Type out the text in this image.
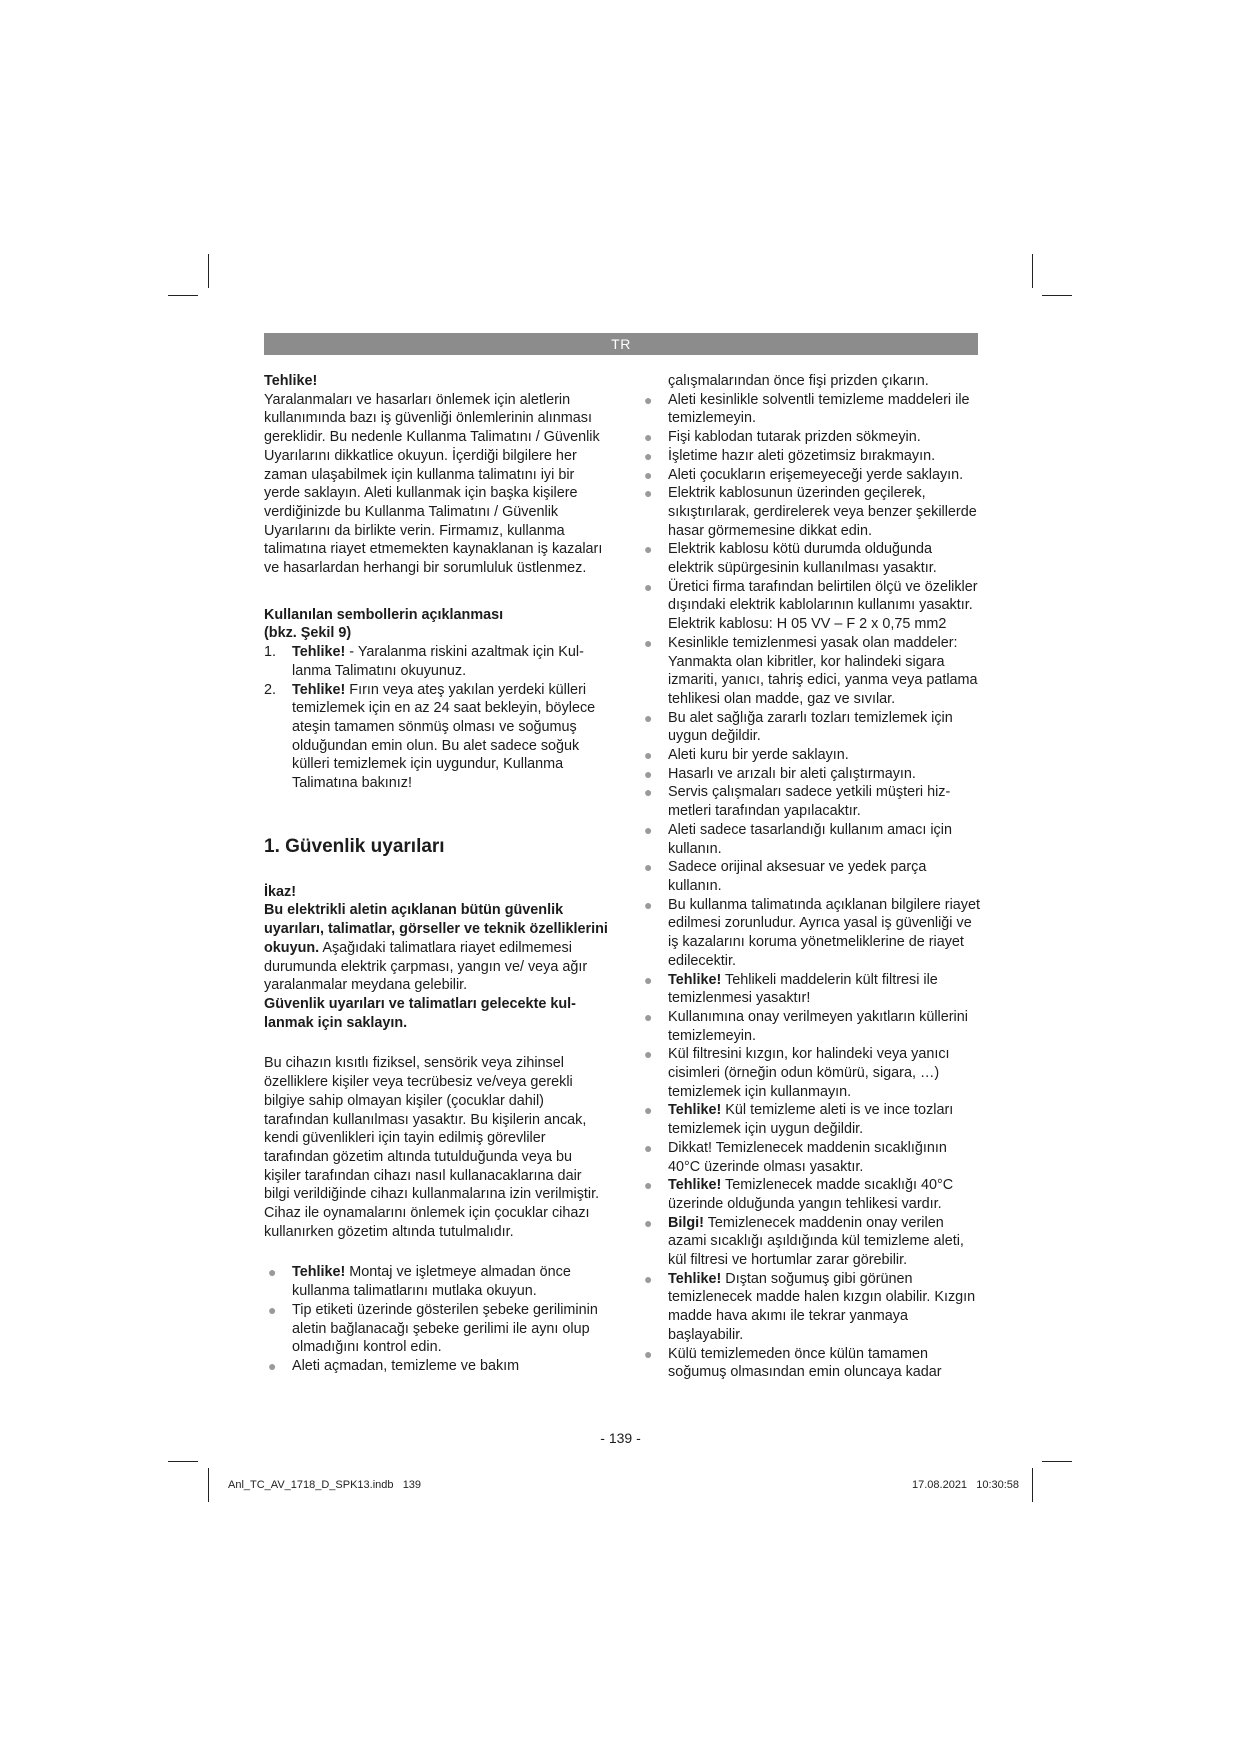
TR

Tehlike!

Yaralanmaları ve hasarları önlemek için aletlerin kullanımında bazı iş güvenliği önlemlerinin alınması gereklidir. Bu nedenle Kullanma Talimatını / Güvenlik Uyarılarını dikkatlice okuyun. İçerdiği bilgilere her zaman ulaşabilmek için kullanma talimatını iyi bir yerde saklayın. Aleti kullanmak için başka kişilere verdiğinizde bu Kullanma Talimatını / Güvenlik Uyarılarını da birlikte verin. Firmamız, kullanma talimatına riayet etmemekten kaynaklanan iş kazaları ve hasarlardan herhangi bir sorumluluk üstlenmez.

Kullanılan sembollerin açıklanması

(bkz. Şekil 9)

1. Tehlike! - Yaralanma riskini azaltmak için Kullanma Talimatını okuyunuz.
2. Tehlike! Fırın veya ateş yakılan yerdeki külleri temizlemek için en az 24 saat bekleyin, böylece ateşin tamamen sönmüş olması ve soğumuş olduğundan emin olun. Bu alet sadece soğuk külleri temizlemek için uygundur, Kullanma Talimatına bakınız!

1. Güvenlik uyarıları

İkaz!

Bu elektrikli aletin açıklanan bütün güvenlik uyarıları, talimatlar, görseller ve teknik özelliklerini okuyun. Aşağıdaki talimatlara riayet edilmemesi durumunda elektrik çarpması, yangın ve/ veya ağır yaralanmalar meydana gelebilir.

Güvenlik uyarıları ve talimatları gelecekte kullanmak için saklayın.

Bu cihazın kısıtlı fiziksel, sensörik veya zihinsel özelliklere kişiler veya tecrübesiz ve/veya gerekli bilgiye sahip olmayan kişiler (çocuklar dahil) tarafından kullanılması yasaktır. Bu kişilerin ancak, kendi güvenlikleri için tayin edilmiş görevliler tarafından gözetim altında tutulduğunda veya bu kişiler tarafından cihazı nasıl kullanacaklarına dair bilgi verildiğinde cihazı kullanmalarına izin verilmiştir. Cihaz ile oynamalarını önlemek için çocuklar cihazı kullanırken gözetim altında tutulmalıdır.

● Tehlike! Montaj ve işletmeye almadan önce kullanma talimatlarını mutlaka okuyun.
● Tip etiketi üzerinde gösterilen şebeke geriliminin aletin bağlanacağı şebeke gerilimi ile aynı olup olmadığını kontrol edin.
● Aleti açmadan, temizleme ve bakım

çalışmalarından önce fişi prizden çıkarın.

● Aleti kesinlikle solventli temizleme maddeleri ile temizlemeyin.
● Fişi kablodan tutarak prizden sökmeyin.
● İşletime hazır aleti gözetimsiz bırakmayın.
● Aleti çocukların erişemeyeceği yerde saklayın.
● Elektrik kablosunun üzerinden geçilerek, sıkıştırılarak, gerdirelerek veya benzer şekillerde hasar görmemesine dikkat edin.
● Elektrik kablosu kötü durumda olduğunda elektrik süpürgesinin kullanılması yasaktır.
● Üretici firma tarafından belirtilen ölçü ve özelikler dışındaki elektrik kablolarının kullanımı yasaktır. Elektrik kablosu: H 05 VV – F 2 x 0,75 mm2
● Kesinlikle temizlenmesi yasak olan maddeler: Yanmakta olan kibritler, kor halindeki sigara izmariti, yanıcı, tahriş edici, yanma veya patlama tehlikesi olan madde, gaz ve sıvılar.
● Bu alet sağlığa zararlı tozları temizlemek için uygun değildir.
● Aleti kuru bir yerde saklayın.
● Hasarlı ve arızalı bir aleti çalıştırmayın.
● Servis çalışmaları sadece yetkili müşteri hizmetleri tarafından yapılacaktır.
● Aleti sadece tasarlandığı kullanım amacı için kullanın.
● Sadece orijinal aksesuar ve yedek parça kullanın.
● Bu kullanma talimatında açıklanan bilgilere riayet edilmesi zorunludur. Ayrıca yasal iş güvenliği ve iş kazalarını koruma yönetmeliklerine de riayet edilecektir.
● Tehlike! Tehlikeli maddelerin kült filtresi ile temizlenmesi yasaktır!
● Kullanımına onay verilmeyen yakıtların küllerini temizlemeyin.
● Kül filtresini kızgın, kor halindeki veya yanıcı cisimleri (örneğin odun kömürü, sigara, …) temizlemek için kullanmayın.
● Tehlike! Kül temizleme aleti is ve ince tozları temizlemek için uygun değildir.
● Dikkat! Temizlenecek maddenin sıcaklığının 40°C üzerinde olması yasaktır.
● Tehlike! Temizlenecek madde sıcaklığı 40°C üzerinde olduğunda yangın tehlikesi vardır.
● Bilgi! Temizlenecek maddenin onay verilen azami sıcaklığı aşıldığında kül temizleme aleti, kül filtresi ve hortumlar zarar görebilir.
● Tehlike! Dıştan soğumuş gibi görünen temizlenecek madde halen kızgın olabilir. Kızgın madde hava akımı ile tekrar yanmaya başlayabilir.
● Külü temizlemeden önce külün tamamen soğumuş olmasından emin oluncaya kadar
- 139 -
Anl_TC_AV_1718_D_SPK13.indb   139	17.08.2021   10:30:58
